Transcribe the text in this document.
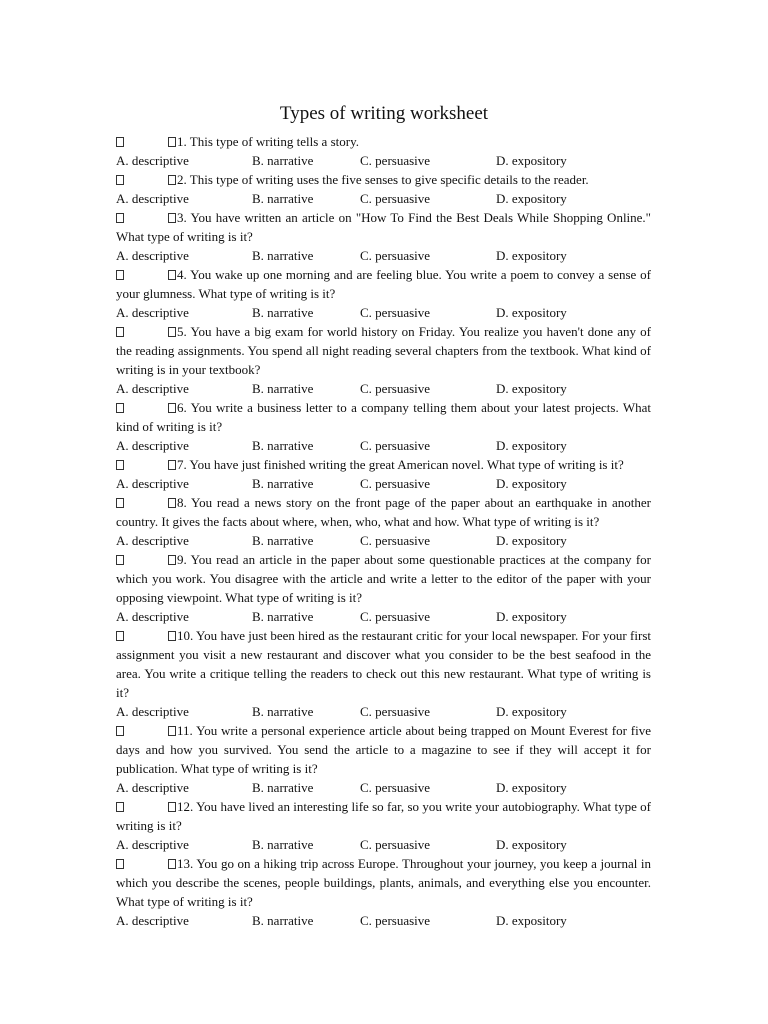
Types of writing worksheet

1. This type of writing tells a story.

A. descriptive	B. narrative	C. persuasive	D. expository

2. This type of writing uses the five senses to give specific details to the reader.

A. descriptive	B. narrative	C. persuasive	D. expository

3. You have written an article on "How To Find the Best Deals While Shopping Online." What type of writing is it?

A. descriptive	B. narrative	C. persuasive	D. expository

4. You wake up one morning and are feeling blue. You write a poem to convey a sense of your glumness. What type of writing is it?

A. descriptive	B. narrative	C. persuasive	D. expository

5. You have a big exam for world history on Friday. You realize you haven't done any of the reading assignments. You spend all night reading several chapters from the textbook. What kind of writing is in your textbook?

A. descriptive	B. narrative	C. persuasive	D. expository

6. You write a business letter to a company telling them about your latest projects. What kind of writing is it?

A. descriptive	B. narrative	C. persuasive	D. expository

7. You have just finished writing the great American novel. What type of writing is it?

A. descriptive	B. narrative	C. persuasive	D. expository

8. You read a news story on the front page of the paper about an earthquake in another country. It gives the facts about where, when, who, what and how. What type of writing is it?

A. descriptive	B. narrative	C. persuasive	D. expository

9. You read an article in the paper about some questionable practices at the company for which you work. You disagree with the article and write a letter to the editor of the paper with your opposing viewpoint. What type of writing is it?

A. descriptive	B. narrative	C. persuasive	D. expository

10. You have just been hired as the restaurant critic for your local newspaper. For your first assignment you visit a new restaurant and discover what you consider to be the best seafood in the area. You write a critique telling the readers to check out this new restaurant. What type of writing is it?

A. descriptive	B. narrative	C. persuasive	D. expository

11. You write a personal experience article about being trapped on Mount Everest for five days and how you survived. You send the article to a magazine to see if they will accept it for publication. What type of writing is it?

A. descriptive	B. narrative	C. persuasive	D. expository

12. You have lived an interesting life so far, so you write your autobiography. What type of writing is it?

A. descriptive	B. narrative	C. persuasive	D. expository

13. You go on a hiking trip across Europe. Throughout your journey, you keep a journal in which you describe the scenes, people buildings, plants, animals, and everything else you encounter. What type of writing is it?

A. descriptive	B. narrative	C. persuasive	D. expository
